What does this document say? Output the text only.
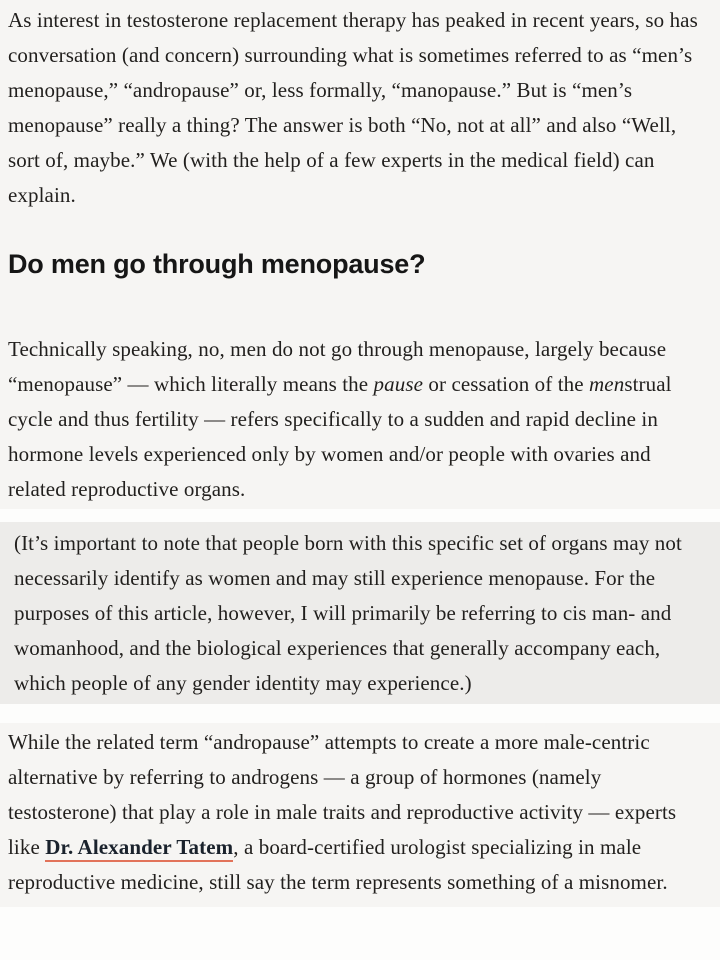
As interest in testosterone replacement therapy has peaked in recent years, so has conversation (and concern) surrounding what is sometimes referred to as “men’s menopause,” “andropause” or, less formally, “manopause.” But is “men’s menopause” really a thing? The answer is both “No, not at all” and also “Well, sort of, maybe.” We (with the help of a few experts in the medical field) can explain.

Do men go through menopause?

Technically speaking, no, men do not go through menopause, largely because “menopause” — which literally means the pause or cessation of the menstrual cycle and thus fertility — refers specifically to a sudden and rapid decline in hormone levels experienced only by women and/or people with ovaries and related reproductive organs.

(It’s important to note that people born with this specific set of organs may not necessarily identify as women and may still experience menopause. For the purposes of this article, however, I will primarily be referring to cis man- and womanhood, and the biological experiences that generally accompany each, which people of any gender identity may experience.)

While the related term “andropause” attempts to create a more male-centric alternative by referring to androgens — a group of hormones (namely testosterone) that play a role in male traits and reproductive activity — experts like Dr. Alexander Tatem, a board-certified urologist specializing in male reproductive medicine, still say the term represents something of a misnomer.
